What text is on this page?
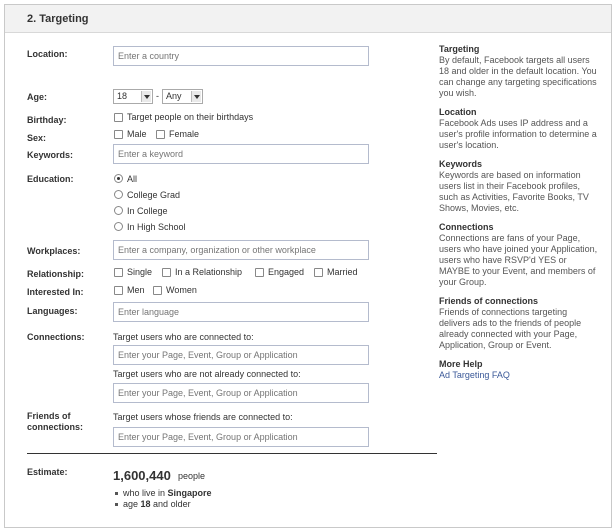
2. Targeting
Location:
Enter a country
Age:	18	- Any
Birthday:	Target people on their birthdays
Sex:	Male Female
Keywords:
Enter a keyword
Education:	All
College Grad
In College
In High School
Workplaces:
Enter a company, organization or other workplace
Relationship:	Single	In a Relationship	Engaged	Married
Interested In:	Men Women
Languages:
Enter language
Connections:	Target users who are connected to:
Enter your Page, Event, Group or Application
Target users who are not already connected to:
Enter your Page, Event, Group or Application
Friends of
connections:
Target users whose friends are connected to:
Enter your Page, Event, Group or Application
Estimate:	1,600,440 people
who live in Singapore
age 18 and older
Targeting

By default, Facebook targets all users 18 and older in the default location. You can change any targeting specifications you wish.

Location

Facebook Ads uses IP address and a user's profile information to determine a user's location.

Keywords

Keywords are based on information users list in their Facebook profiles, such as Activities, Favorite Books, TV Shows, Movies, etc.

Connections

Connections are fans of your Page, users who have joined your Application, users who have RSVP'd YES or MAYBE to your Event, and members of your Group.

Friends of connections

Friends of connections targeting delivers ads to the friends of people already connected with your Page, Application, Group or Event.

More Help
Ad Targeting FAQ
